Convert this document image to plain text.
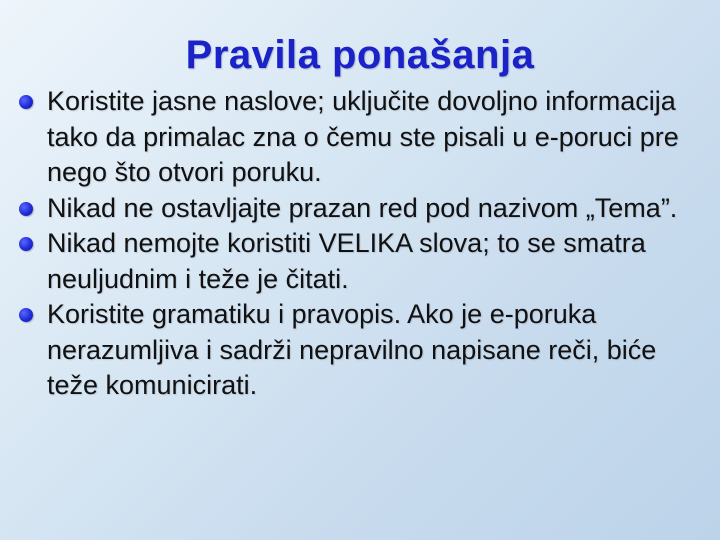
Pravila ponašanja
Koristite jasne naslove; uključite dovoljno informacija tako da primalac zna o čemu ste pisali u e-poruci pre nego što otvori poruku.
Nikad ne ostavljajte prazan red pod nazivom „Tema”.
Nikad nemojte koristiti VELIKA slova; to se smatra neuljudnim i teže je čitati.
Koristite gramatiku i pravopis. Ako je e-poruka nerazumljiva i sadrži nepravilno napisane reči, biće teže komunicirati.
